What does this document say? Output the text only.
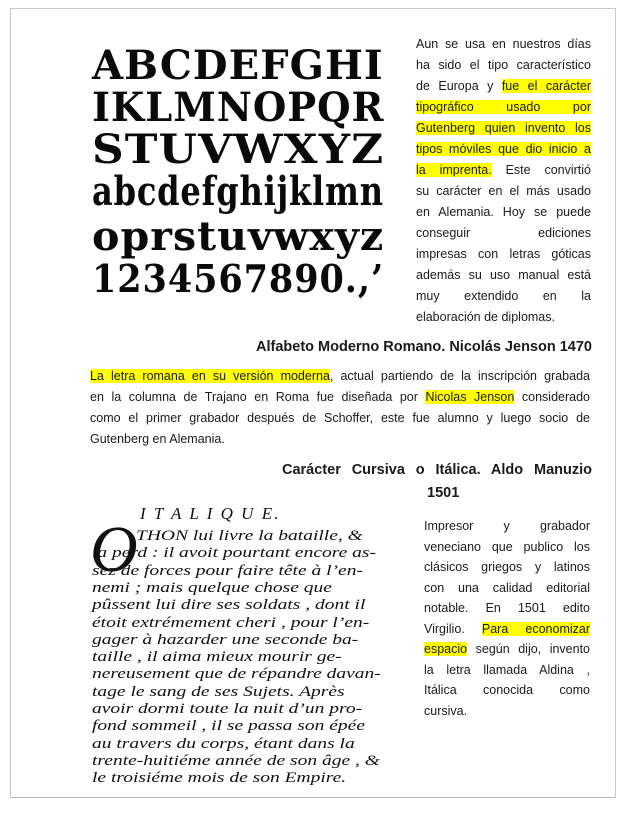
ABCDEFGHI
IKLMNOPQR
STUVWXYZ
abcdefghijklmn
oprstuvwxyz
1234567890.,’
Aun se usa en nuestros días
ha sido el tipo característico
de Europa y fue el carácter
tipográfico usado por
Gutenberg quien invento los
tipos móviles que dio inicio a
la imprenta. Este convirtió
su carácter en el más usado
en Alemania. Hoy se puede
conseguir ediciones
impresas con letras góticas
además su uso manual está
muy extendido en la
elaboración de diplomas.
Alfabeto Moderno Romano. Nicolás Jenson 1470
La letra romana en su versión moderna, actual partiendo de la inscripción grabada
en la columna de Trajano en Roma fue diseñada por Nicolas Jenson considerado
como el primer grabador después de Schoffer, este fue alumno y luego socio de
Gutenberg en Alemania.
Carácter Cursiva o Itálica. Aldo Manuzio
1501
I T A L I Q U E.
O
THON lui livre la bataille, &
la perd : il avoit pourtant encore as-
sez de forces pour faire tête à l’en-
nemi ; mais quelque chose que
pûssent lui dire ses soldats , dont il
étoit extrémement cheri , pour l’en-
gager à hazarder une seconde ba-
taille , il aima mieux mourir ge-
nereusement que de répandre davan-
tage le sang de ses Sujets. Après
avoir dormi toute la nuit d’un pro-
fond sommeil , il se passa son épée
au travers du corps, étant dans la
trente-huitiéme année de son âge , &
le troisiéme mois de son Empire.
Impresor y grabador
veneciano que publico los
clásicos griegos y latinos
con una calidad editorial
notable. En 1501 edito
Virgilio. Para economizar
espacio según dijo, invento
la letra llamada Aldina ,
Itálica conocida como
cursiva.
